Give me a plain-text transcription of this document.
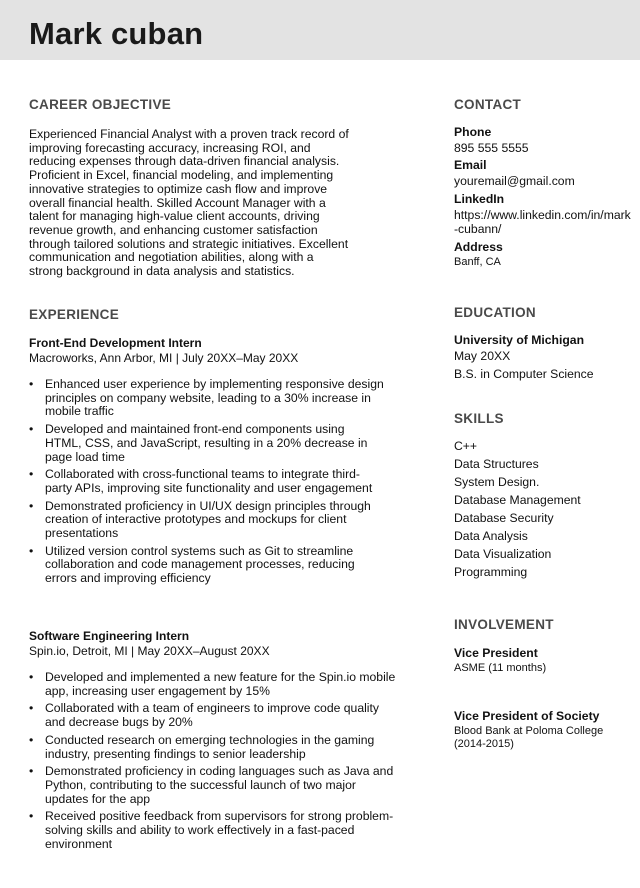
Mark cuban
CAREER OBJECTIVE
Experienced Financial Analyst with a proven track record of improving forecasting accuracy, increasing ROI, and reducing expenses through data-driven financial analysis. Proficient in Excel, financial modeling, and implementing innovative strategies to optimize cash flow and improve overall financial health. Skilled Account Manager with a talent for managing high-value client accounts, driving revenue growth, and enhancing customer satisfaction through tailored solutions and strategic initiatives. Excellent communication and negotiation abilities, along with a strong background in data analysis and statistics.
EXPERIENCE
Front-End Development Intern
Macroworks, Ann Arbor, MI | July 20XX–May 20XX
• Enhanced user experience by implementing responsive design principles on company website, leading to a 30% increase in mobile traffic
• Developed and maintained front-end components using HTML, CSS, and JavaScript, resulting in a 20% decrease in page load time
• Collaborated with cross-functional teams to integrate third-party APIs, improving site functionality and user engagement
• Demonstrated proficiency in UI/UX design principles through creation of interactive prototypes and mockups for client presentations
• Utilized version control systems such as Git to streamline collaboration and code management processes, reducing errors and improving efficiency
Software Engineering Intern
Spin.io, Detroit, MI | May 20XX–August 20XX
• Developed and implemented a new feature for the Spin.io mobile app, increasing user engagement by 15%
• Collaborated with a team of engineers to improve code quality and decrease bugs by 20%
• Conducted research on emerging technologies in the gaming industry, presenting findings to senior leadership
• Demonstrated proficiency in coding languages such as Java and Python, contributing to the successful launch of two major updates for the app
• Received positive feedback from supervisors for strong problem-solving skills and ability to work effectively in a fast-paced environment
CONTACT
Phone
895 555 5555
Email
youremail@gmail.com
LinkedIn
https://www.linkedin.com/in/mark
-cubann/
Address
Banff, CA
EDUCATION
University of Michigan
May 20XX
B.S. in Computer Science
SKILLS
C++
Data Structures
System Design.
Database Management
Database Security
Data Analysis
Data Visualization
Programming
INVOLVEMENT
Vice President
ASME (11 months)
Vice President of Society
Blood Bank at Poloma College
(2014-2015)
